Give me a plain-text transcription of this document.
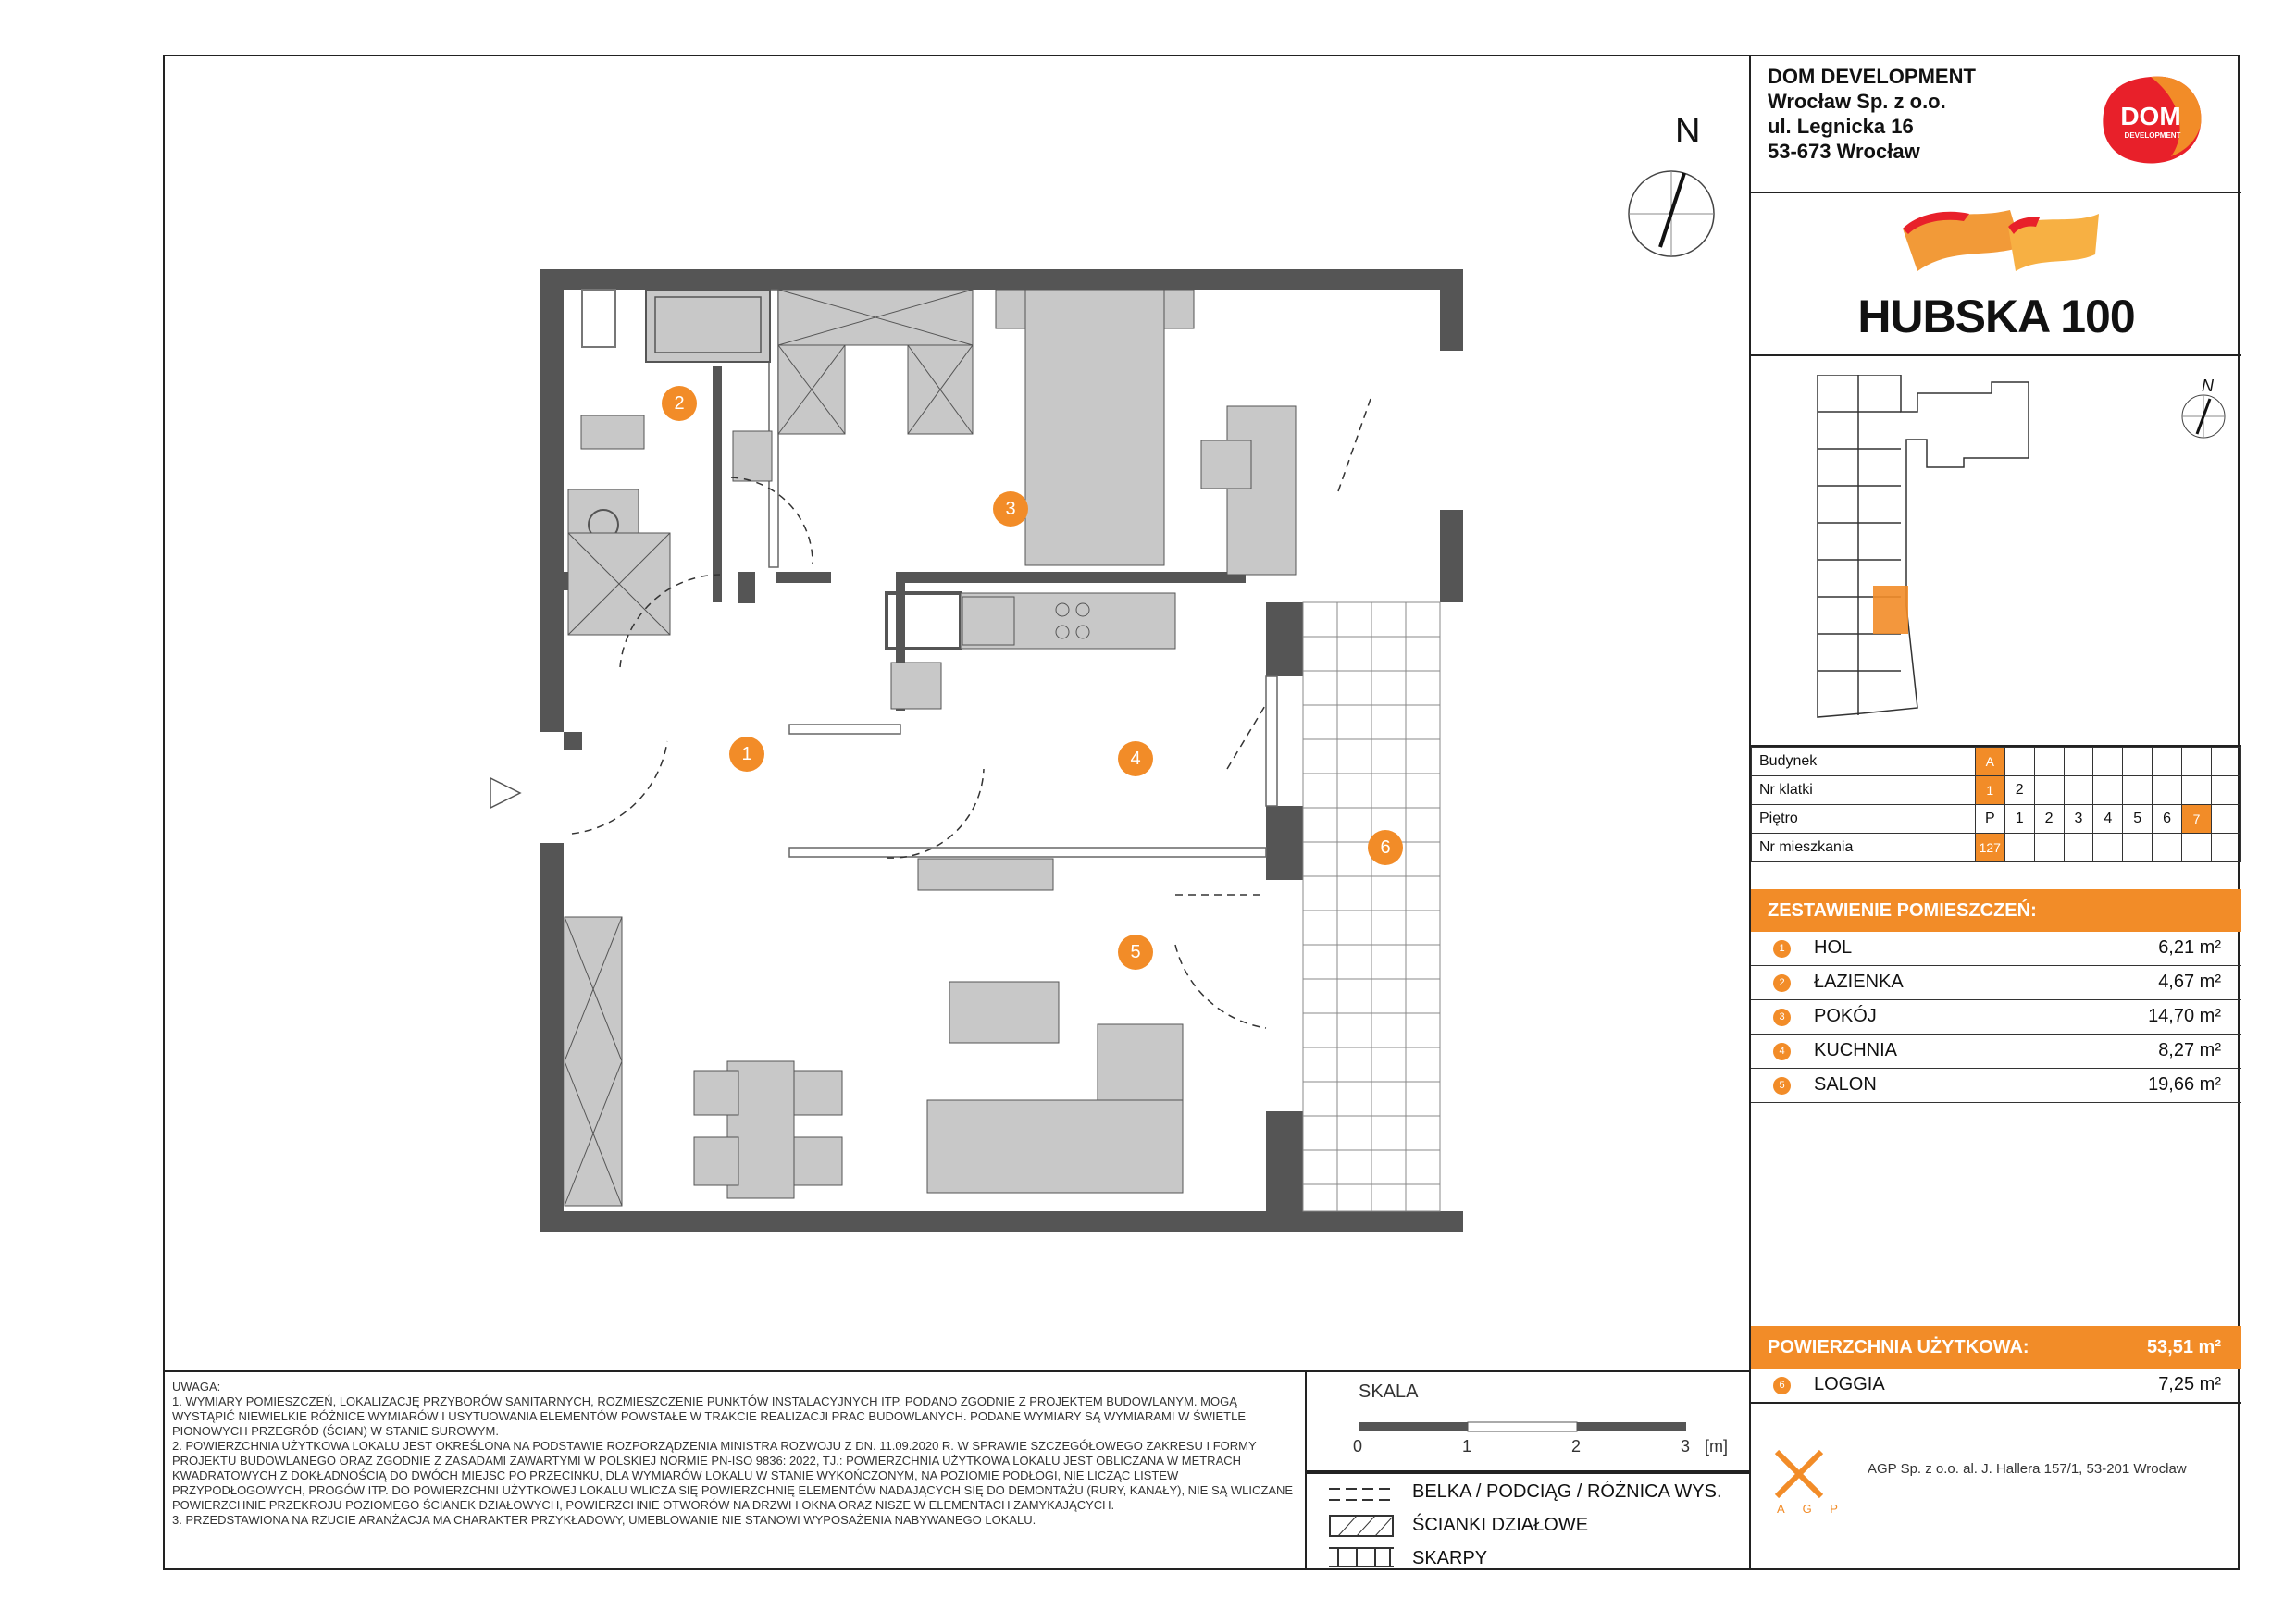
N
1
2
3
4
5
6

UWAGA:

1. WYMIARY POMIESZCZEŃ, LOKALIZACJĘ PRZYBORÓW SANITARNYCH, ROZMIESZCZENIE PUNKTÓW INSTALACYJNYCH ITP. PODANO ZGODNIE Z PROJEKTEM BUDOWLANYM. MOGĄ WYSTĄPIĆ NIEWIELKIE RÓŻNICE WYMIARÓW I USYTUOWANIA ELEMENTÓW POWSTAŁE W TRAKCIE REALIZACJI PRAC BUDOWLANYCH. PODANE WYMIARY SĄ WYMIARAMI W ŚWIETLE PIONOWYCH PRZEGRÓD (ŚCIAN) W STANIE SUROWYM.

2. POWIERZCHNIA UŻYTKOWA LOKALU JEST OKREŚLONA NA PODSTAWIE ROZPORZĄDZENIA MINISTRA ROZWOJU Z DN. 11.09.2020 R. W SPRAWIE SZCZEGÓŁOWEGO ZAKRESU I FORMY PROJEKTU BUDOWLANEGO ORAZ ZGODNIE Z ZASADAMI ZAWARTYMI W POLSKIEJ NORMIE PN-ISO 9836: 2022, TJ.: POWIERZCHNIA UŻYTKOWA LOKALU JEST OBLICZANA W METRACH KWADRATOWYCH Z DOKŁADNOŚCIĄ DO DWÓCH MIEJSC PO PRZECINKU, DLA WYMIARÓW LOKALU W STANIE WYKOŃCZONYM, NA POZIOMIE PODŁOGI, NIE LICZĄC LISTEW PRZYPODŁOGOWYCH, PROGÓW ITP. DO POWIERZCHNI UŻYTKOWEJ LOKALU WLICZA SIĘ POWIERZCHNIĘ ELEMENTÓW NADAJĄCYCH SIĘ DO DEMONTAŻU (RURY, KANAŁY), NIE SĄ WLICZANE POWIERZCHNIE PRZEKROJU POZIOMEGO ŚCIANEK DZIAŁOWYCH, POWIERZCHNIE OTWORÓW NA DRZWI I OKNA ORAZ NISZE W ELEMENTACH ZAMYKAJĄCYCH.

3. PRZEDSTAWIONA NA RZUCIE ARANŻACJA MA CHARAKTER PRZYKŁADOWY, UMEBLOWANIE NIE STANOWI WYPOSAŻENIA NABYWANEGO LOKALU.

SKALA
0	1	2	3 [m]
BELKA / PODCIĄG / RÓŻNICA WYS.
ŚCIANKI DZIAŁOWE
SKARPY
DOM DEVELOPMENT
Wrocław Sp. z o.o.
ul. Legnicka 16
53-673 Wrocław
DOM
DEVELOPMENT
HUBSKA 100
N
Budynek	A								
Nr klatki	1	2							
Piętro	P	1	2	3	4	5	6	7	
Nr mieszkania	127								
ZESTAWIENIE POMIESZCZEŃ:
1	HOL	6,21 m²
2	ŁAZIENKA	4,67 m²
3	POKÓJ	14,70 m²
4	KUCHNIA	8,27 m²
5	SALON	19,66 m²
POWIERZCHNIA UŻYTKOWA:	53,51 m²
6	LOGGIA	7,25 m²
A G P
AGP Sp. z o.o. al. J. Hallera 157/1, 53-201 Wrocław
